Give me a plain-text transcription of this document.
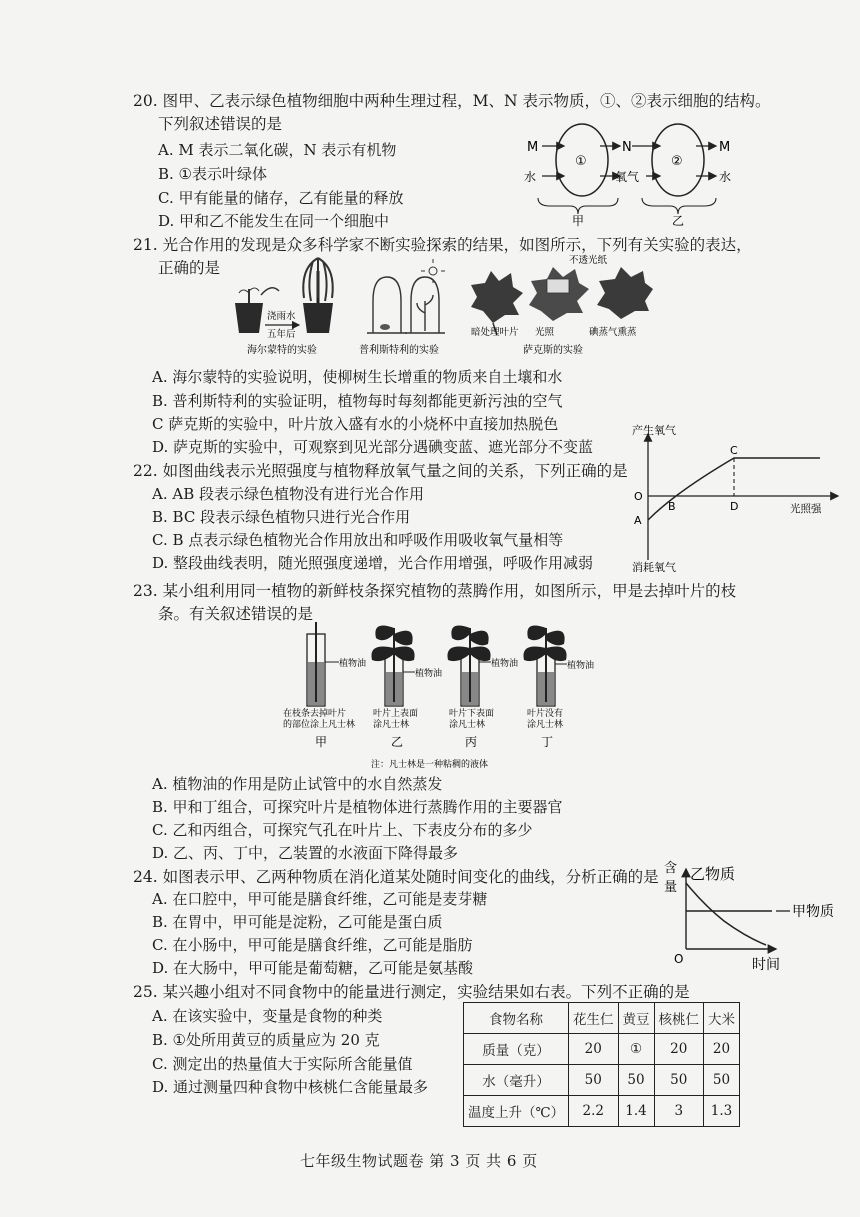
20. 图甲、乙表示绿色植物细胞中两种生理过程，M、N 表示物质，①、②表示细胞的结构。
下列叙述错误的是
A. M 表示二氧化碳，N 表示有机物
B. ①表示叶绿体
C. 甲有能量的储存，乙有能量的释放
D. 甲和乙不能发生在同一个细胞中
M
水
①
N
氧气
②
M
水
甲	乙
21. 光合作用的发现是众多科学家不断实验探索的结果，如图所示，下列有关实验的表达，
正确的是
浇雨水
五年后
海尔蒙特的实验	普利斯特利的实验
暗处理叶片 光照
不透光纸
碘蒸气熏蒸
萨克斯的实验
A. 海尔蒙特的实验说明，使柳树生长增重的物质来自土壤和水
B. 普利斯特利的实验证明，植物每时每刻都能更新污浊的空气
C 萨克斯的实验中，叶片放入盛有水的小烧杯中直接加热脱色
D. 萨克斯的实验中，可观察到见光部分遇碘变蓝、遮光部分不变蓝
22. 如图曲线表示光照强度与植物释放氧气量之间的关系，下列正确的是
A. AB 段表示绿色植物没有进行光合作用
B. BC 段表示绿色植物只进行光合作用
C. B 点表示绿色植物光合作用放出和呼吸作用吸收氧气量相等
D. 整段曲线表明，随光照强度递增，光合作用增强，呼吸作用减弱
产生氧气
消耗氧气
光照强
O
A
B
C
D
23. 某小组利用同一植物的新鲜枝条探究植物的蒸腾作用，如图所示，甲是去掉叶片的枝
条。有关叙述错误的是
植物油
植物油
植物油	植物油
在枝条去掉叶片
的部位涂上凡士林
叶片上表面
涂凡士林
叶片下表面
涂凡士林
叶片没有
涂凡士林
甲	乙	丙	丁
注：凡士林是一种粘稠的液体
A. 植物油的作用是防止试管中的水自然蒸发
B. 甲和丁组合，可探究叶片是植物体进行蒸腾作用的主要器官
C. 乙和丙组合，可探究气孔在叶片上、下表皮分布的多少
D. 乙、丙、丁中，乙装置的水液面下降得最多
24. 如图表示甲、乙两种物质在消化道某处随时间变化的曲线，分析正确的是
A. 在口腔中，甲可能是膳食纤维，乙可能是麦芽糖
B. 在胃中，甲可能是淀粉，乙可能是蛋白质
C. 在小肠中，甲可能是膳食纤维，乙可能是脂肪
D. 在大肠中，甲可能是葡萄糖，乙可能是氨基酸
含
量
乙物质
甲物质
O	时间
25. 某兴趣小组对不同食物中的能量进行测定，实验结果如右表。下列不正确的是
A. 在该实验中，变量是食物的种类
B. ①处所用黄豆的质量应为 20 克
C. 测定出的热量值大于实际所含能量值
D. 通过测量四种食物中核桃仁含能量最多
食物名称	花生仁	黄豆	核桃仁	大米
质量（克）	20	①	20	20
水（毫升）	50	50	50	50
温度上升（℃）	2.2	1.4	3	1.3
七年级生物试题卷 第 3 页 共 6 页
